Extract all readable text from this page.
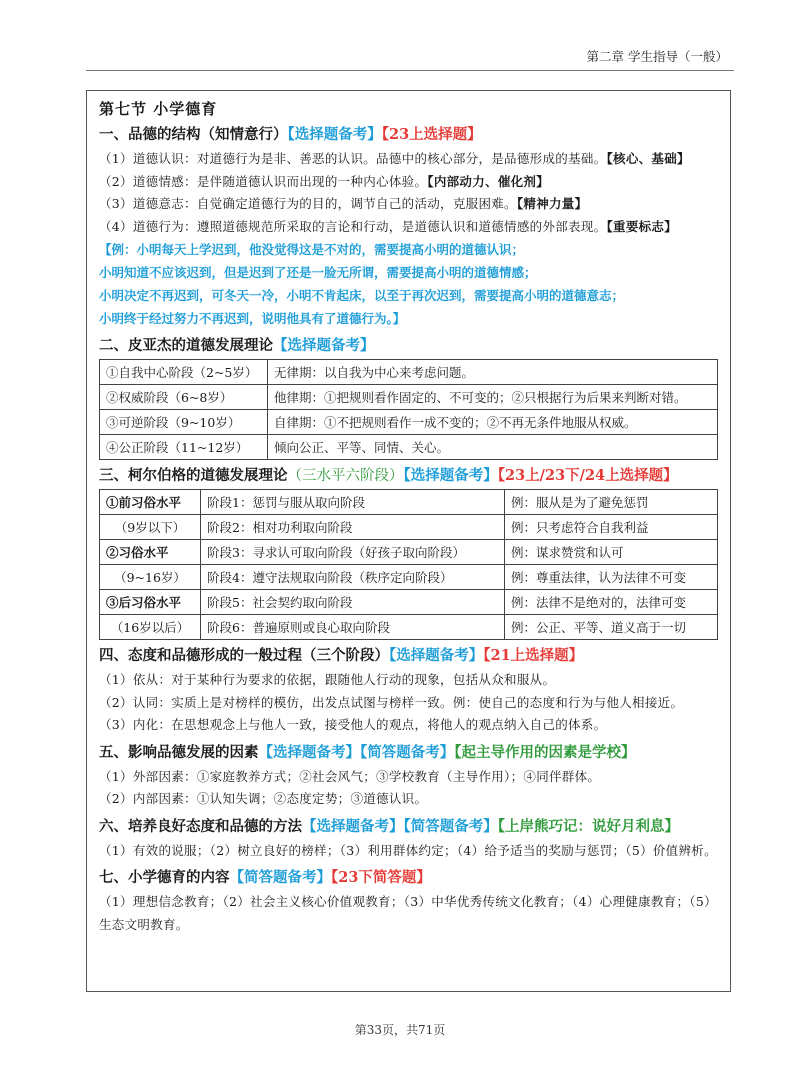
第二章 学生指导（一般）
第七节 小学德育
一、品德的结构（知情意行）【选择题备考】【23上选择题】

（1）道德认识：对道德行为是非、善恶的认识。品德中的核心部分，是品德形成的基础。【核心、基础】

（2）道德情感：是伴随道德认识而出现的一种内心体验。【内部动力、催化剂】

（3）道德意志：自觉确定道德行为的目的，调节自己的活动，克服困难。【精神力量】

（4）道德行为：遵照道德规范所采取的言论和行动，是道德认识和道德情感的外部表现。【重要标志】

【例：小明每天上学迟到，他没觉得这是不对的，需要提高小明的道德认识；

小明知道不应该迟到，但是迟到了还是一脸无所谓，需要提高小明的道德情感；

小明决定不再迟到，可冬天一冷，小明不肯起床，以至于再次迟到，需要提高小明的道德意志；

小明终于经过努力不再迟到，说明他具有了道德行为。】

二、皮亚杰的道德发展理论【选择题备考】
①自我中心阶段（2~5岁）	无律期：以自我为中心来考虑问题。
②权威阶段（6~8岁）	他律期：①把规则看作固定的、不可变的；②只根据行为后果来判断对错。
③可逆阶段（9~10岁）	自律期：①不把规则看作一成不变的；②不再无条件地服从权威。
④公正阶段（11~12岁）	倾向公正、平等、同情、关心。
三、柯尔伯格的道德发展理论（三水平六阶段）【选择题备考】【23上/23下/24上选择题】
①前习俗水平	阶段1：惩罚与服从取向阶段	例：服从是为了避免惩罚
（9岁以下）	阶段2：相对功利取向阶段	例：只考虑符合自我利益
②习俗水平	阶段3：寻求认可取向阶段（好孩子取向阶段）	例：谋求赞赏和认可
（9~16岁）	阶段4：遵守法规取向阶段（秩序定向阶段）	例：尊重法律，认为法律不可变
③后习俗水平	阶段5：社会契约取向阶段	例：法律不是绝对的，法律可变
（16岁以后）	阶段6：普遍原则或良心取向阶段	例：公正、平等、道义高于一切
四、态度和品德形成的一般过程（三个阶段）【选择题备考】【21上选择题】

（1）依从：对于某种行为要求的依据，跟随他人行动的现象，包括从众和服从。

（2）认同：实质上是对榜样的模仿，出发点试图与榜样一致。例：使自己的态度和行为与他人相接近。

（3）内化：在思想观念上与他人一致，接受他人的观点，将他人的观点纳入自己的体系。

五、影响品德发展的因素【选择题备考】【简答题备考】【起主导作用的因素是学校】

（1）外部因素：①家庭教养方式；②社会风气；③学校教育（主导作用）；④同伴群体。

（2）内部因素：①认知失调；②态度定势；③道德认识。

六、培养良好态度和品德的方法【选择题备考】【简答题备考】【上岸熊巧记：说好月利息】

（1）有效的说服；（2）树立良好的榜样；（3）利用群体约定；（4）给予适当的奖励与惩罚；（5）价值辨析。

七、小学德育的内容【简答题备考】【23下简答题】

（1）理想信念教育；（2）社会主义核心价值观教育；（3）中华优秀传统文化教育；（4）心理健康教育；（5）生态文明教育。

第33页，共71页
